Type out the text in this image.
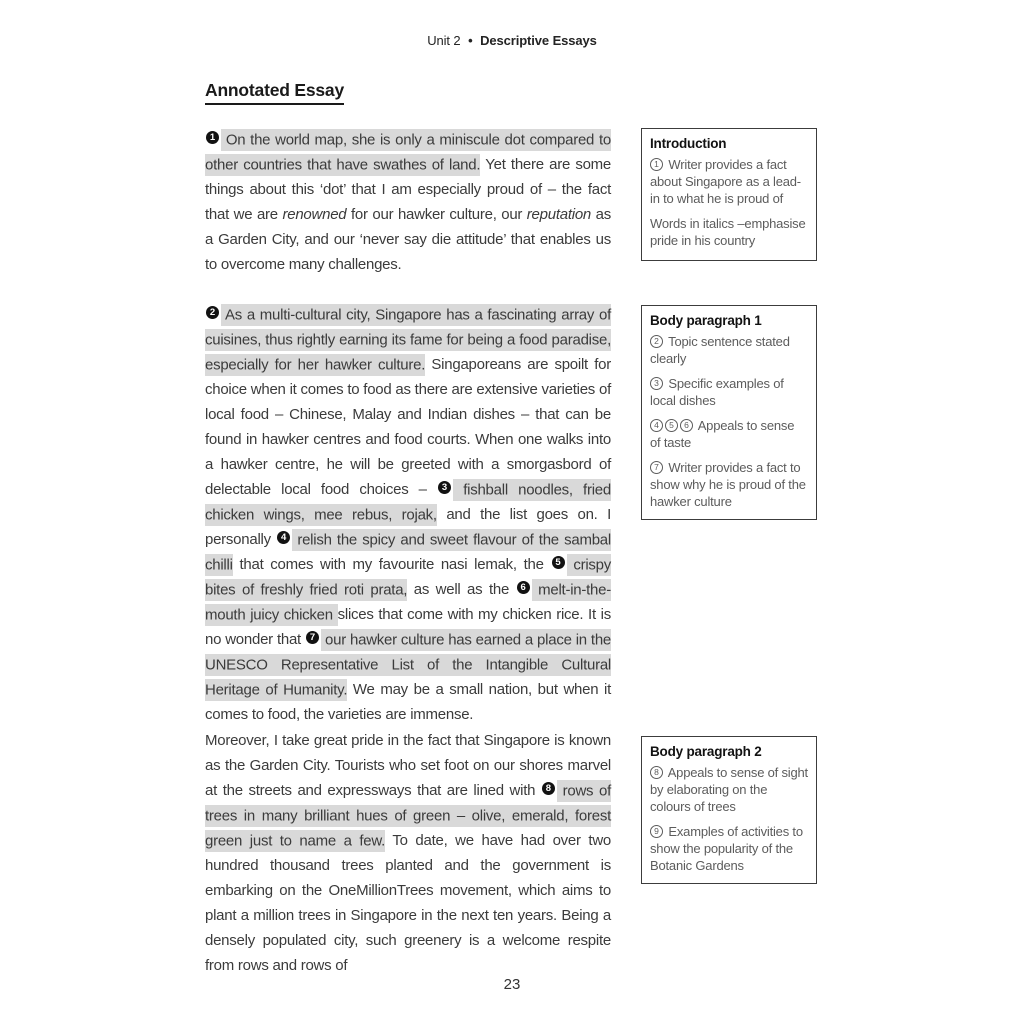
Unit 2 • Descriptive Essays
Annotated Essay
1 On the world map, she is only a miniscule dot compared to other countries that have swathes of land. Yet there are some things about this ‘dot’ that I am especially proud of – the fact that we are renowned for our hawker culture, our reputation as a Garden City, and our ‘never say die attitude’ that enables us to overcome many challenges.
2 As a multi-cultural city, Singapore has a fascinating array of cuisines, thus rightly earning its fame for being a food paradise, especially for her hawker culture. Singaporeans are spoilt for choice when it comes to food as there are extensive varieties of local food – Chinese, Malay and Indian dishes – that can be found in hawker centres and food courts. When one walks into a hawker centre, he will be greeted with a smorgasbord of delectable local food choices – 3 fishball noodles, fried chicken wings, mee rebus, rojak, and the list goes on. I personally 4 relish the spicy and sweet flavour of the sambal chilli that comes with my favourite nasi lemak, the 5 crispy bites of freshly fried roti prata, as well as the 6 melt-in-the-mouth juicy chicken slices that come with my chicken rice. It is no wonder that 7 our hawker culture has earned a place in the UNESCO Representative List of the Intangible Cultural Heritage of Humanity. We may be a small nation, but when it comes to food, the varieties are immense.
Moreover, I take great pride in the fact that Singapore is known as the Garden City. Tourists who set foot on our shores marvel at the streets and expressways that are lined with 8 rows of trees in many brilliant hues of green – olive, emerald, forest green just to name a few. To date, we have had over two hundred thousand trees planted and the government is embarking on the OneMillionTrees movement, which aims to plant a million trees in Singapore in the next ten years. Being a densely populated city, such greenery is a welcome respite from rows and rows of
Introduction
1 Writer provides a fact about Singapore as a lead-in to what he is proud of
Words in italics –emphasise pride in his country
Body paragraph 1
2 Topic sentence stated clearly
3 Specific examples of local dishes
4 5 6 Appeals to sense of taste
7 Writer provides a fact to show why he is proud of the hawker culture
Body paragraph 2
8 Appeals to sense of sight by elaborating on the colours of trees
9 Examples of activities to show the popularity of the Botanic Gardens
23
